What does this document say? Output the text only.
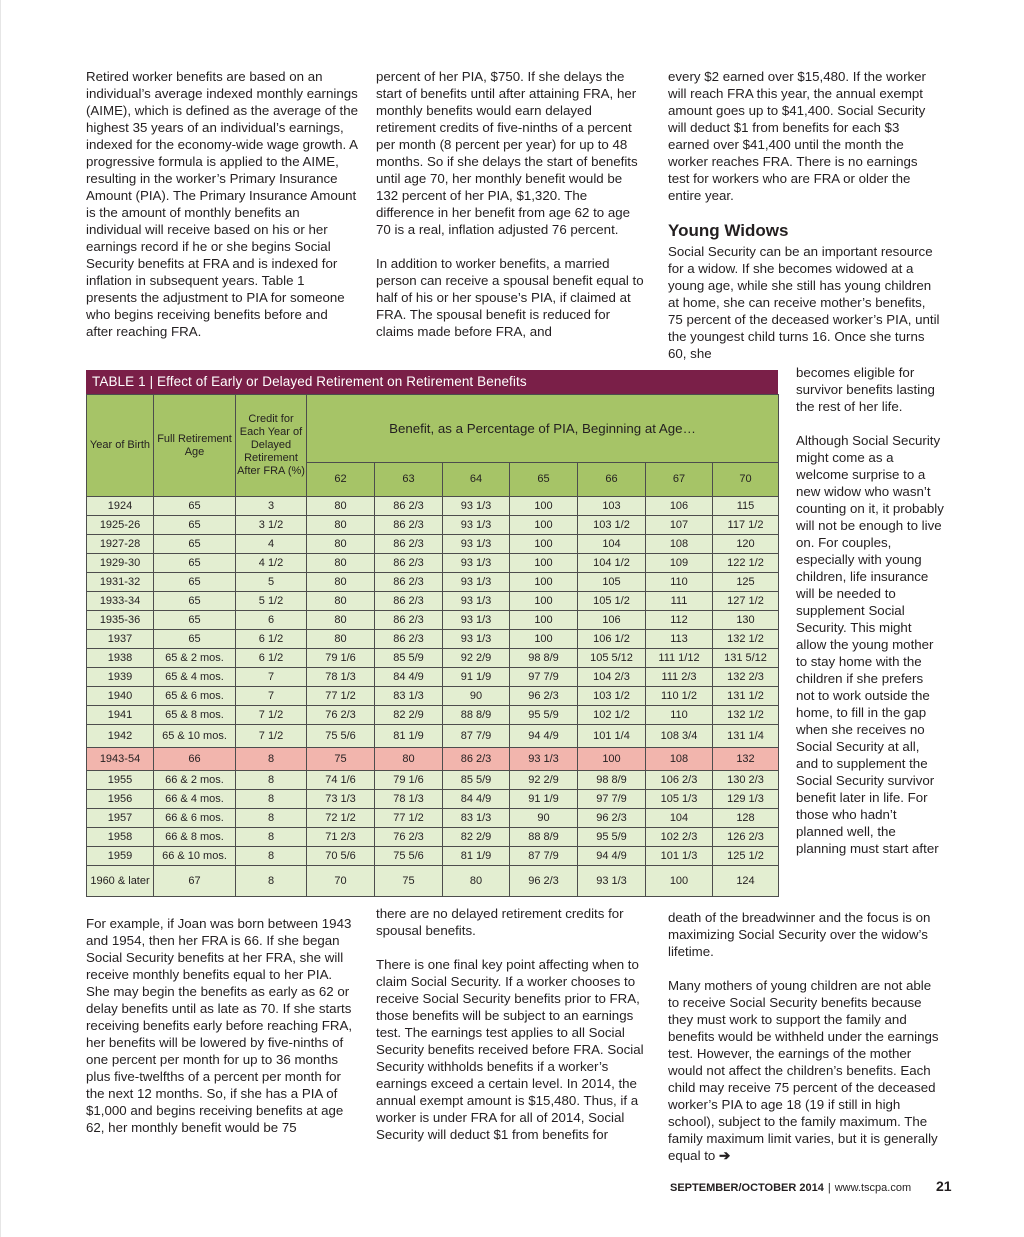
Retired worker benefits are based on an individual’s average indexed monthly earnings (AIME), which is defined as the average of the highest 35 years of an individual’s earnings, indexed for the economy-wide wage growth. A progressive formula is applied to the AIME, resulting in the worker’s Primary Insurance Amount (PIA). The Primary Insurance Amount is the amount of monthly benefits an individual will receive based on his or her earnings record if he or she begins Social Security benefits at FRA and is indexed for inflation in subsequent years. Table 1 presents the adjustment to PIA for someone who begins receiving benefits before and after reaching FRA.

percent of her PIA, $750. If she delays the start of benefits until after attaining FRA, her monthly benefits would earn delayed retirement credits of five-ninths of a percent per month (8 percent per year) for up to 48 months. So if she delays the start of benefits until age 70, her monthly benefit would be 132 percent of her PIA, $1,320. The difference in her benefit from age 62 to age 70 is a real, inflation adjusted 76 percent.

In addition to worker benefits, a married person can receive a spousal benefit equal to half of his or her spouse’s PIA, if claimed at FRA. The spousal benefit is reduced for claims made before FRA, and

every $2 earned over $15,480. If the worker will reach FRA this year, the annual exempt amount goes up to $41,400. Social Security will deduct $1 from benefits for each $3 earned over $41,400 until the month the worker reaches FRA. There is no earnings test for workers who are FRA or older the entire year.

Young Widows

Social Security can be an important resource for a widow. If she becomes widowed at a young age, while she still has young children at home, she can receive mother’s benefits, 75 percent of the deceased worker’s PIA, until the youngest child turns 16. Once she turns 60, she

becomes eligible for survivor benefits lasting the rest of her life.

Although Social Security might come as a welcome surprise to a new widow who wasn’t counting on it, it probably will not be enough to live on. For couples, especially with young children, life insurance will be needed to supplement Social Security. This might allow the young mother to stay home with the children if she prefers not to work outside the home, to fill in the gap when she receives no Social Security at all, and to supplement the Social Security survivor benefit later in life. For those who hadn’t planned well, the planning must start after

death of the breadwinner and the focus is on maximizing Social Security over the widow’s lifetime.

Many mothers of young children are not able to receive Social Security benefits because they must work to support the family and benefits would be withheld under the earnings test. However, the earnings of the mother would not affect the children’s benefits. Each child may receive 75 percent of the deceased worker’s PIA to age 18 (19 if still in high school), subject to the family maximum. The family maximum limit varies, but it is generally equal to ➔

TABLE 1 | Effect of Early or Delayed Retirement on Retirement Benefits
Year of Birth	Full Retirement Age	Credit for Each Year of Delayed Retirement After FRA (%)	Benefit, as a Percentage of PIA, Beginning at Age…						
			62	63	64	65	66	67	70
1924	65	3	80	86 2/3	93 1/3	100	103	106	115
1925-26	65	3 1/2	80	86 2/3	93 1/3	100	103 1/2	107	117 1/2
1927-28	65	4	80	86 2/3	93 1/3	100	104	108	120
1929-30	65	4 1/2	80	86 2/3	93 1/3	100	104 1/2	109	122 1/2
1931-32	65	5	80	86 2/3	93 1/3	100	105	110	125
1933-34	65	5 1/2	80	86 2/3	93 1/3	100	105 1/2	111	127 1/2
1935-36	65	6	80	86 2/3	93 1/3	100	106	112	130
1937	65	6 1/2	80	86 2/3	93 1/3	100	106 1/2	113	132 1/2
1938	65 & 2 mos.	6 1/2	79 1/6	85 5/9	92 2/9	98 8/9	105 5/12	111 1/12	131 5/12
1939	65 & 4 mos.	7	78 1/3	84 4/9	91 1/9	97 7/9	104 2/3	111 2/3	132 2/3
1940	65 & 6 mos.	7	77 1/2	83 1/3	90	96 2/3	103 1/2	110 1/2	131 1/2
1941	65 & 8 mos.	7 1/2	76 2/3	82 2/9	88 8/9	95 5/9	102 1/2	110	132 1/2
1942	65 & 10 mos.	7 1/2	75 5/6	81 1/9	87 7/9	94 4/9	101 1/4	108 3/4	131 1/4
1943-54	66	8	75	80	86 2/3	93 1/3	100	108	132
1955	66 & 2 mos.	8	74 1/6	79 1/6	85 5/9	92 2/9	98 8/9	106 2/3	130 2/3
1956	66 & 4 mos.	8	73 1/3	78 1/3	84 4/9	91 1/9	97 7/9	105 1/3	129 1/3
1957	66 & 6 mos.	8	72 1/2	77 1/2	83 1/3	90	96 2/3	104	128
1958	66 & 8 mos.	8	71 2/3	76 2/3	82 2/9	88 8/9	95 5/9	102 2/3	126 2/3
1959	66 & 10 mos.	8	70 5/6	75 5/6	81 1/9	87 7/9	94 4/9	101 1/3	125 1/2
1960 & later	67	8	70	75	80	96 2/3	93 1/3	100	124

For example, if Joan was born between 1943 and 1954, then her FRA is 66. If she began Social Security benefits at her FRA, she will receive monthly benefits equal to her PIA. She may begin the benefits as early as 62 or delay benefits until as late as 70. If she starts receiving benefits early before reaching FRA, her benefits will be lowered by five-ninths of one percent per month for up to 36 months plus five-twelfths of a percent per month for the next 12 months. So, if she has a PIA of $1,000 and begins receiving benefits at age 62, her monthly benefit would be 75

there are no delayed retirement credits for spousal benefits.

There is one final key point affecting when to claim Social Security. If a worker chooses to receive Social Security benefits prior to FRA, those benefits will be subject to an earnings test. The earnings test applies to all Social Security benefits received before FRA. Social Security withholds benefits if a worker’s earnings exceed a certain level. In 2014, the annual exempt amount is $15,480. Thus, if a worker is under FRA for all of 2014, Social Security will deduct $1 from benefits for

SEPTEMBER/OCTOBER 2014 | www.tscpa.com 21
